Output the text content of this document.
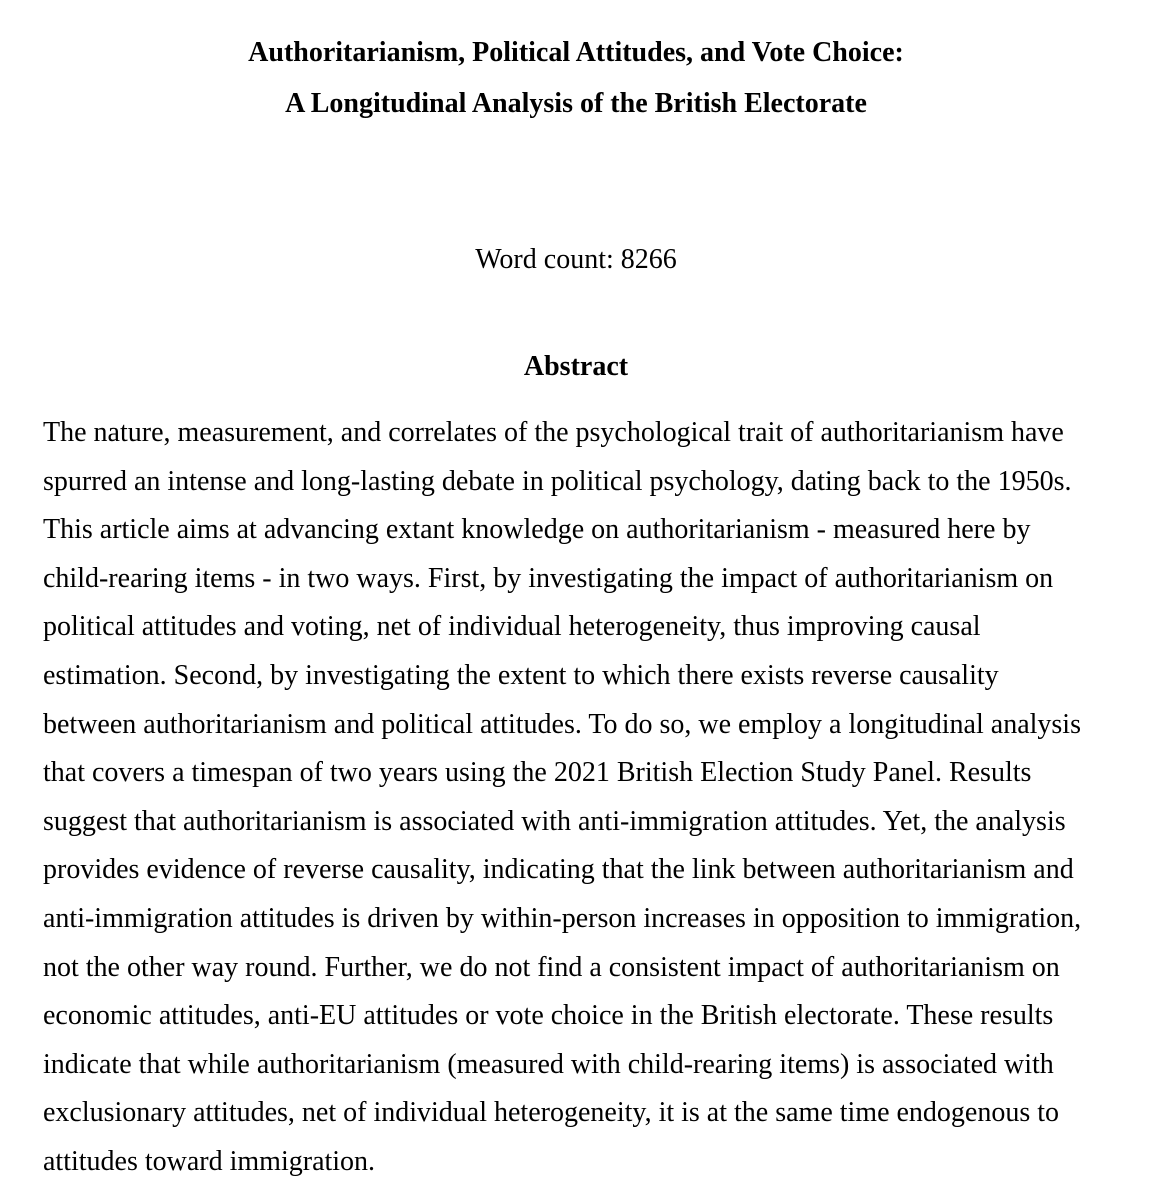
Authoritarianism, Political Attitudes, and Vote Choice:
A Longitudinal Analysis of the British Electorate
Word count: 8266
Abstract
The nature, measurement, and correlates of the psychological trait of authoritarianism have
spurred an intense and long-lasting debate in political psychology, dating back to the 1950s.
This article aims at advancing extant knowledge on authoritarianism - measured here by
child-rearing items - in two ways. First, by investigating the impact of authoritarianism on
political attitudes and voting, net of individual heterogeneity, thus improving causal
estimation. Second, by investigating the extent to which there exists reverse causality
between authoritarianism and political attitudes. To do so, we employ a longitudinal analysis
that covers a timespan of two years using the 2021 British Election Study Panel. Results
suggest that authoritarianism is associated with anti-immigration attitudes. Yet, the analysis
provides evidence of reverse causality, indicating that the link between authoritarianism and
anti-immigration attitudes is driven by within-person increases in opposition to immigration,
not the other way round. Further, we do not find a consistent impact of authoritarianism on
economic attitudes, anti-EU attitudes or vote choice in the British electorate. These results
indicate that while authoritarianism (measured with child-rearing items) is associated with
exclusionary attitudes, net of individual heterogeneity, it is at the same time endogenous to
attitudes toward immigration.
